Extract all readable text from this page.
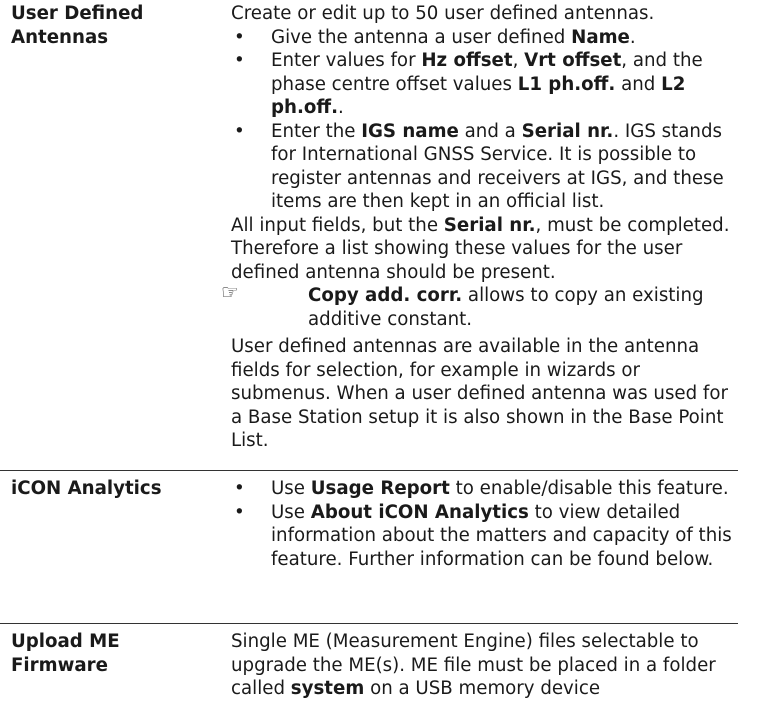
User Defined Antennas

Create or edit up to 50 user defined antennas.

• Give the antenna a user defined Name.

• Enter values for Hz offset, Vrt offset, and the phase centre offset values L1 ph.off. and L2 ph.off..

• Enter the IGS name and a Serial nr.. IGS stands for International GNSS Service. It is possible to register antennas and receivers at IGS, and these items are then kept in an official list.

All input fields, but the Serial nr., must be completed. Therefore a list showing these values for the user defined antenna should be present.

☞	Copy add. corr. allows to copy an existing additive constant.

User defined antennas are available in the antenna fields for selection, for example in wizards or submenus. When a user defined antenna was used for a Base Station setup it is also shown in the Base Point List.

iCON Analytics

•	Use Usage Report to enable/disable this feature.

• Use About iCON Analytics to view detailed information about the matters and capacity of this feature. Further information can be found below.

Upload ME Firmware

Single ME (Measurement Engine) files selectable to upgrade the ME(s). ME file must be placed in a folder called system on a USB memory device
